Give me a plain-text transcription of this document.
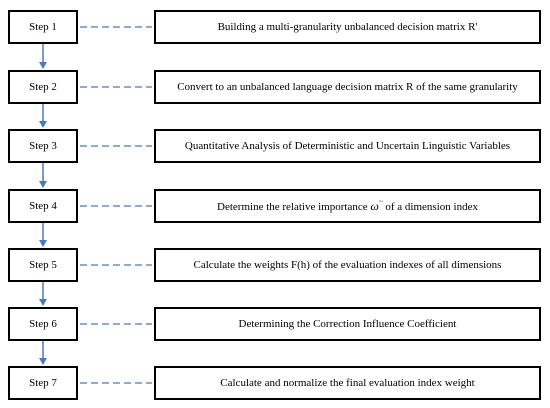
Step 1	Building a multi-granularity unbalanced decision matrix R'
Step 2	Convert to an unbalanced language decision matrix R of the same granularity
Step 3	Quantitative Analysis of Deterministic and Uncertain Linguistic Variables
Step 4	Determine the relative importance ω~ of a dimension index
Step 5	Calculate the weights F(h) of the evaluation indexes of all dimensions
Step 6	Determining the Correction Influence Coefficient
Step 7	Calculate and normalize the final evaluation index weight
